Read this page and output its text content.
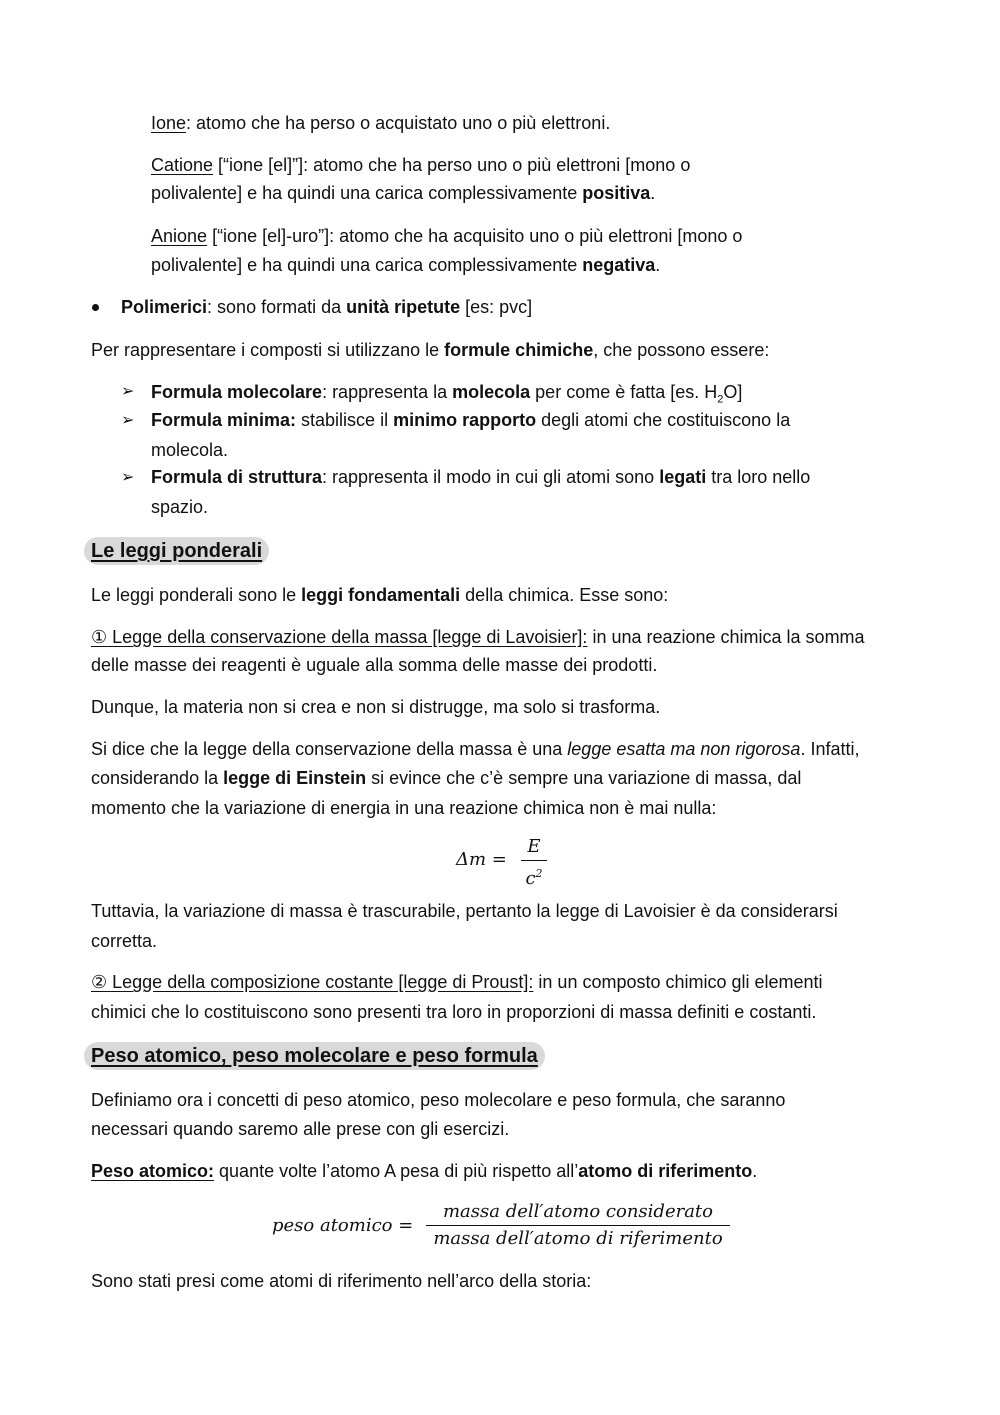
Ione: atomo che ha perso o acquistato uno o più elettroni.
Catione [“ione [el]”]: atomo che ha perso uno o più elettroni [mono o
polivalente] e ha quindi una carica complessivamente positiva.
Anione [“ione [el]-uro”]: atomo che ha acquisito uno o più elettroni [mono o
polivalente] e ha quindi una carica complessivamente negativa.
Polimerici: sono formati da unità ripetute [es: pvc]
Per rappresentare i composti si utilizzano le formule chimiche, che possono essere:
➢ Formula molecolare: rappresenta la molecola per come è fatta [es. $H_2O$]
➢ Formula minima: stabilisce il minimo rapporto degli atomi che costituiscono la
molecola.
➢ Formula di struttura: rappresenta il modo in cui gli atomi sono legati tra loro nello
spazio.
Le leggi ponderali
Le leggi ponderali sono le leggi fondamentali della chimica. Esse sono:
① Legge della conservazione della massa [legge di Lavoisier]: in una reazione chimica la somma
delle masse dei reagenti è uguale alla somma delle masse dei prodotti.
Dunque, la materia non si crea e non si distrugge, ma solo si trasforma.
Si dice che la legge della conservazione della massa è una legge esatta ma non rigorosa. Infatti,
considerando la legge di Einstein si evince che c’è sempre una variazione di massa, dal
momento che la variazione di energia in una reazione chimica non è mai nulla:
Δm =
E
$c^2$
Tuttavia, la variazione di massa è trascurabile, pertanto la legge di Lavoisier è da considerarsi
corretta.
② Legge della composizione costante [legge di Proust]: in un composto chimico gli elementi
chimici che lo costituiscono sono presenti tra loro in proporzioni di massa definiti e costanti.
Peso atomico, peso molecolare e peso formula
Definiamo ora i concetti di peso atomico, peso molecolare e peso formula, che saranno
necessari quando saremo alle prese con gli esercizi.
Peso atomico: quante volte l’atomo A pesa di più rispetto all’atomo di riferimento.
peso atomico =
massa dell′atomo considerato
massa dell′atomo di riferimento
Sono stati presi come atomi di riferimento nell’arco della storia:
